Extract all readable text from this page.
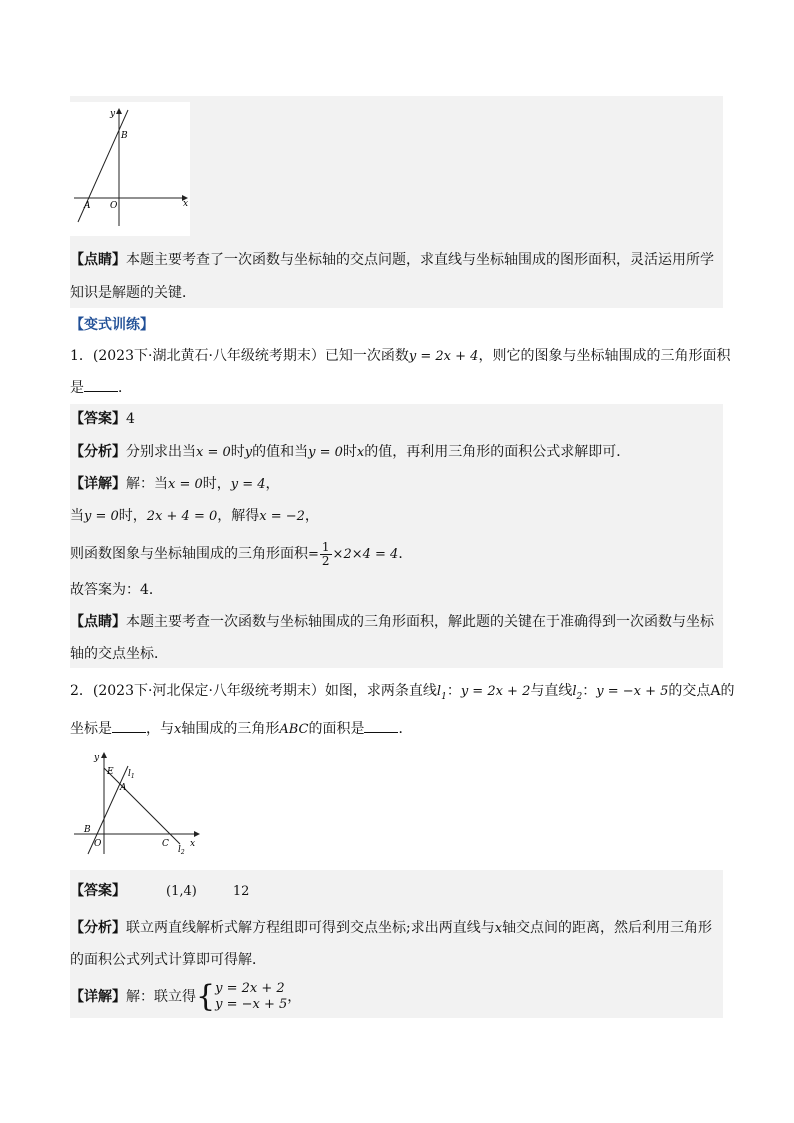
y
B
A O	x
【点睛】本题主要考查了一次函数与坐标轴的交点问题，求直线与坐标轴围成的图形面积，灵活运用所学
知识是解题的关键．
【变式训练】
1．(2023下·湖北黄石·八年级统考期末）已知一次函数y = 2x + 4，则它的图象与坐标轴围成的三角形面积
是 ．
【答案】4
【分析】分别求出当x = 0时y的值和当y = 0时x的值，再利用三角形的面积公式求解即可．
【详解】解：当x = 0时，y = 4，
当y = 0时，2x + 4 = 0，解得x = −2，
则函数图象与坐标轴围成的三角形面积= $\frac{1}{2} \times 2\times 4 = 4$．
故答案为：4．
【点睛】本题主要考查一次函数与坐标轴围成的三角形面积，解此题的关键在于准确得到一次函数与坐标
轴的交点坐标．
2．(2023下·河北保定·八年级统考期末）如图，求两条直线$l_1$：y = 2x + 2与直线$l_2$：y = −x + 5的交点A的
坐标是 ，与x轴围成的三角形ABC的面积是 ．
y
E $l_1$
A
B
O	C
$l_2$
x
【答案】	(1,4)	12
【分析】联立两直线解析式解方程组即可得到交点坐标;求出两直线与x轴交点间的距离，然后利用三角形
的面积公式列式计算即可得解．
【详解】解：联立得{ y = 2x + 2
y = −x + 5 ，
